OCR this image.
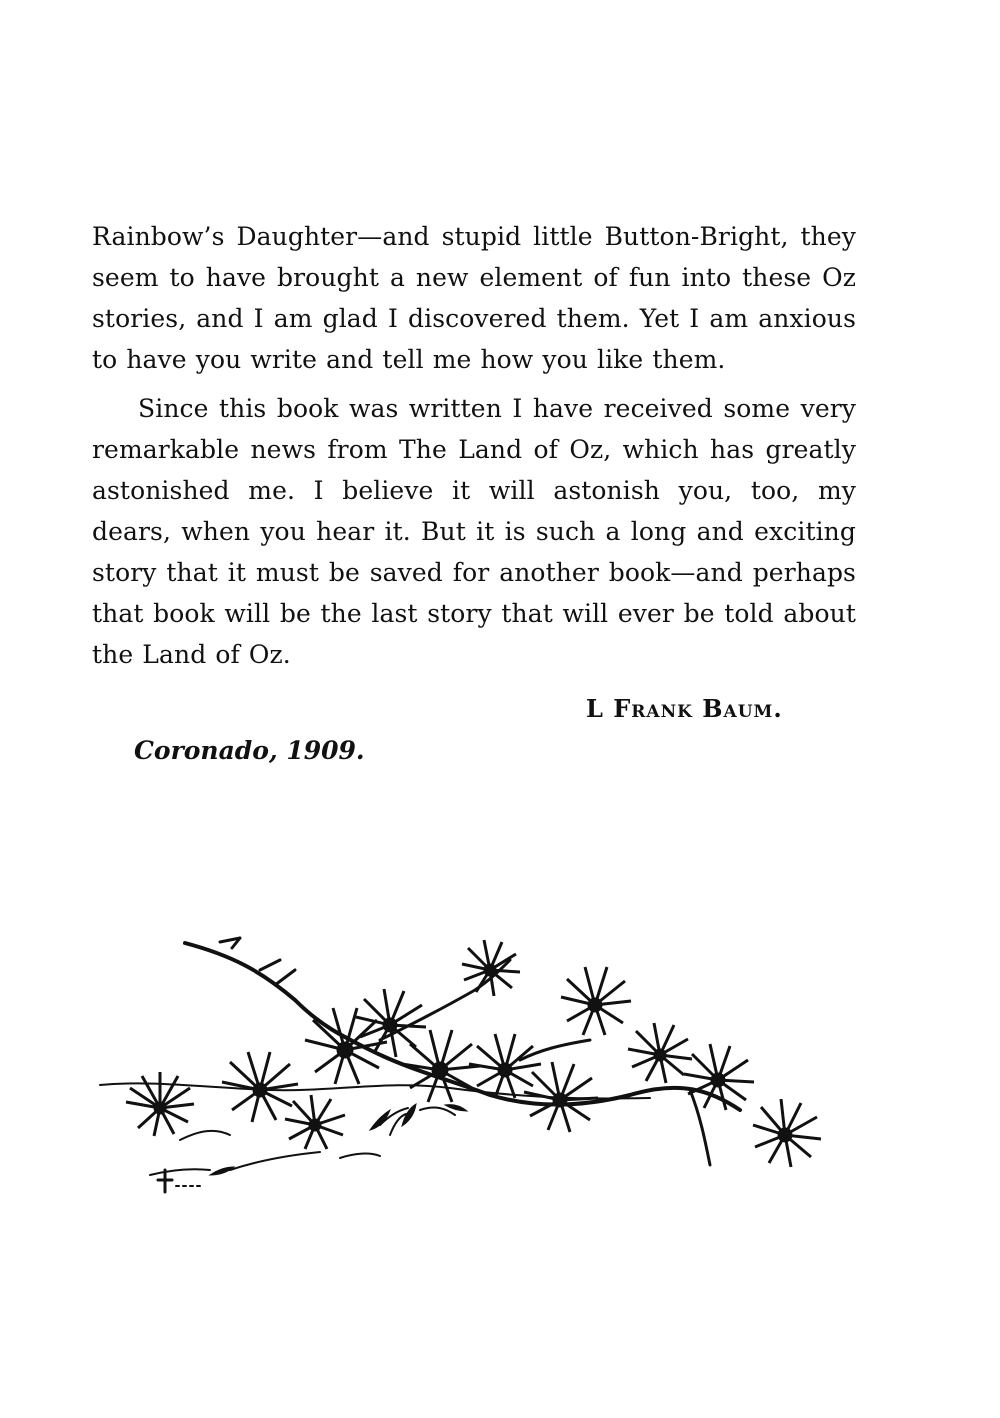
Rainbow’s Daughter—and stupid little Button-Bright, they seem to have brought a new element of fun into these Oz stories, and I am glad I discovered them. Yet I am anxious to have you write and tell me how you like them.

Since this book was written I have received some very remarkable news from The Land of Oz, which has greatly astonished me. I believe it will astonish you, too, my dears, when you hear it. But it is such a long and exciting story that it must be saved for another book—and perhaps that book will be the last story that will ever be told about the Land of Oz.

L Frank Baum.
Coronado, 1909.
